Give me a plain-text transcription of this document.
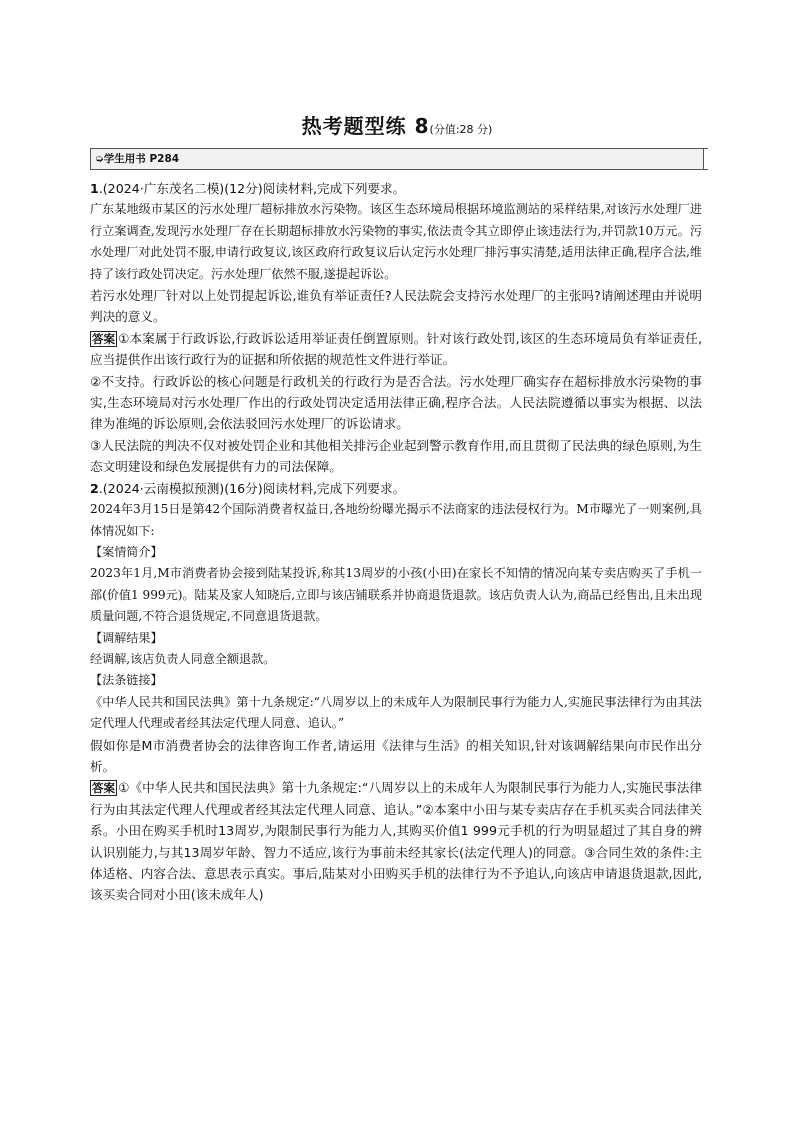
热考题型练 8(分值:28 分)
➭学生用书 P284

1.(2024·广东茂名二模)(12分)阅读材料,完成下列要求。

广东某地级市某区的污水处理厂超标排放水污染物。该区生态环境局根据环境监测站的采样结果,对该污水处理厂进行立案调查,发现污水处理厂存在长期超标排放水污染物的事实,依法责令其立即停止该违法行为,并罚款10万元。污水处理厂对此处罚不服,申请行政复议,该区政府行政复议后认定污水处理厂排污事实清楚,适用法律正确,程序合法,维持了该行政处罚决定。污水处理厂依然不服,遂提起诉讼。

若污水处理厂针对以上处罚提起诉讼,谁负有举证责任?人民法院会支持污水处理厂的主张吗?请阐述理由并说明判决的意义。

答案 ①本案属于行政诉讼,行政诉讼适用举证责任倒置原则。针对该行政处罚,该区的生态环境局负有举证责任,应当提供作出该行政行为的证据和所依据的规范性文件进行举证。

②不支持。行政诉讼的核心问题是行政机关的行政行为是否合法。污水处理厂确实存在超标排放水污染物的事实,生态环境局对污水处理厂作出的行政处罚决定适用法律正确,程序合法。人民法院遵循以事实为根据、以法律为准绳的诉讼原则,会依法驳回污水处理厂的诉讼请求。

③人民法院的判决不仅对被处罚企业和其他相关排污企业起到警示教育作用,而且贯彻了民法典的绿色原则,为生态文明建设和绿色发展提供有力的司法保障。

2.(2024·云南模拟预测)(16分)阅读材料,完成下列要求。

2024年3月15日是第42个国际消费者权益日,各地纷纷曝光揭示不法商家的违法侵权行为。M市曝光了一则案例,具体情况如下:

【案情简介】

2023年1月,M市消费者协会接到陆某投诉,称其13周岁的小孩(小田)在家长不知情的情况向某专卖店购买了手机一部(价值1 999元)。陆某及家人知晓后,立即与该店铺联系并协商退货退款。该店负责人认为,商品已经售出,且未出现质量问题,不符合退货规定,不同意退货退款。

【调解结果】

经调解,该店负责人同意全额退款。

【法条链接】

《中华人民共和国民法典》第十九条规定:“八周岁以上的未成年人为限制民事行为能力人,实施民事法律行为由其法定代理人代理或者经其法定代理人同意、追认。”

假如你是M市消费者协会的法律咨询工作者,请运用《法律与生活》的相关知识,针对该调解结果向市民作出分析。

答案 ①《中华人民共和国民法典》第十九条规定:“八周岁以上的未成年人为限制民事行为能力人,实施民事法律行为由其法定代理人代理或者经其法定代理人同意、追认。”②本案中小田与某专卖店存在手机买卖合同法律关系。小田在购买手机时13周岁,为限制民事行为能力人,其购买价值1 999元手机的行为明显超过了其自身的辨认识别能力,与其13周岁年龄、智力不适应,该行为事前未经其家长(法定代理人)的同意。③合同生效的条件:主体适格、内容合法、意思表示真实。事后,陆某对小田购买手机的法律行为不予追认,向该店申请退货退款,因此,该买卖合同对小田(该未成年人)
